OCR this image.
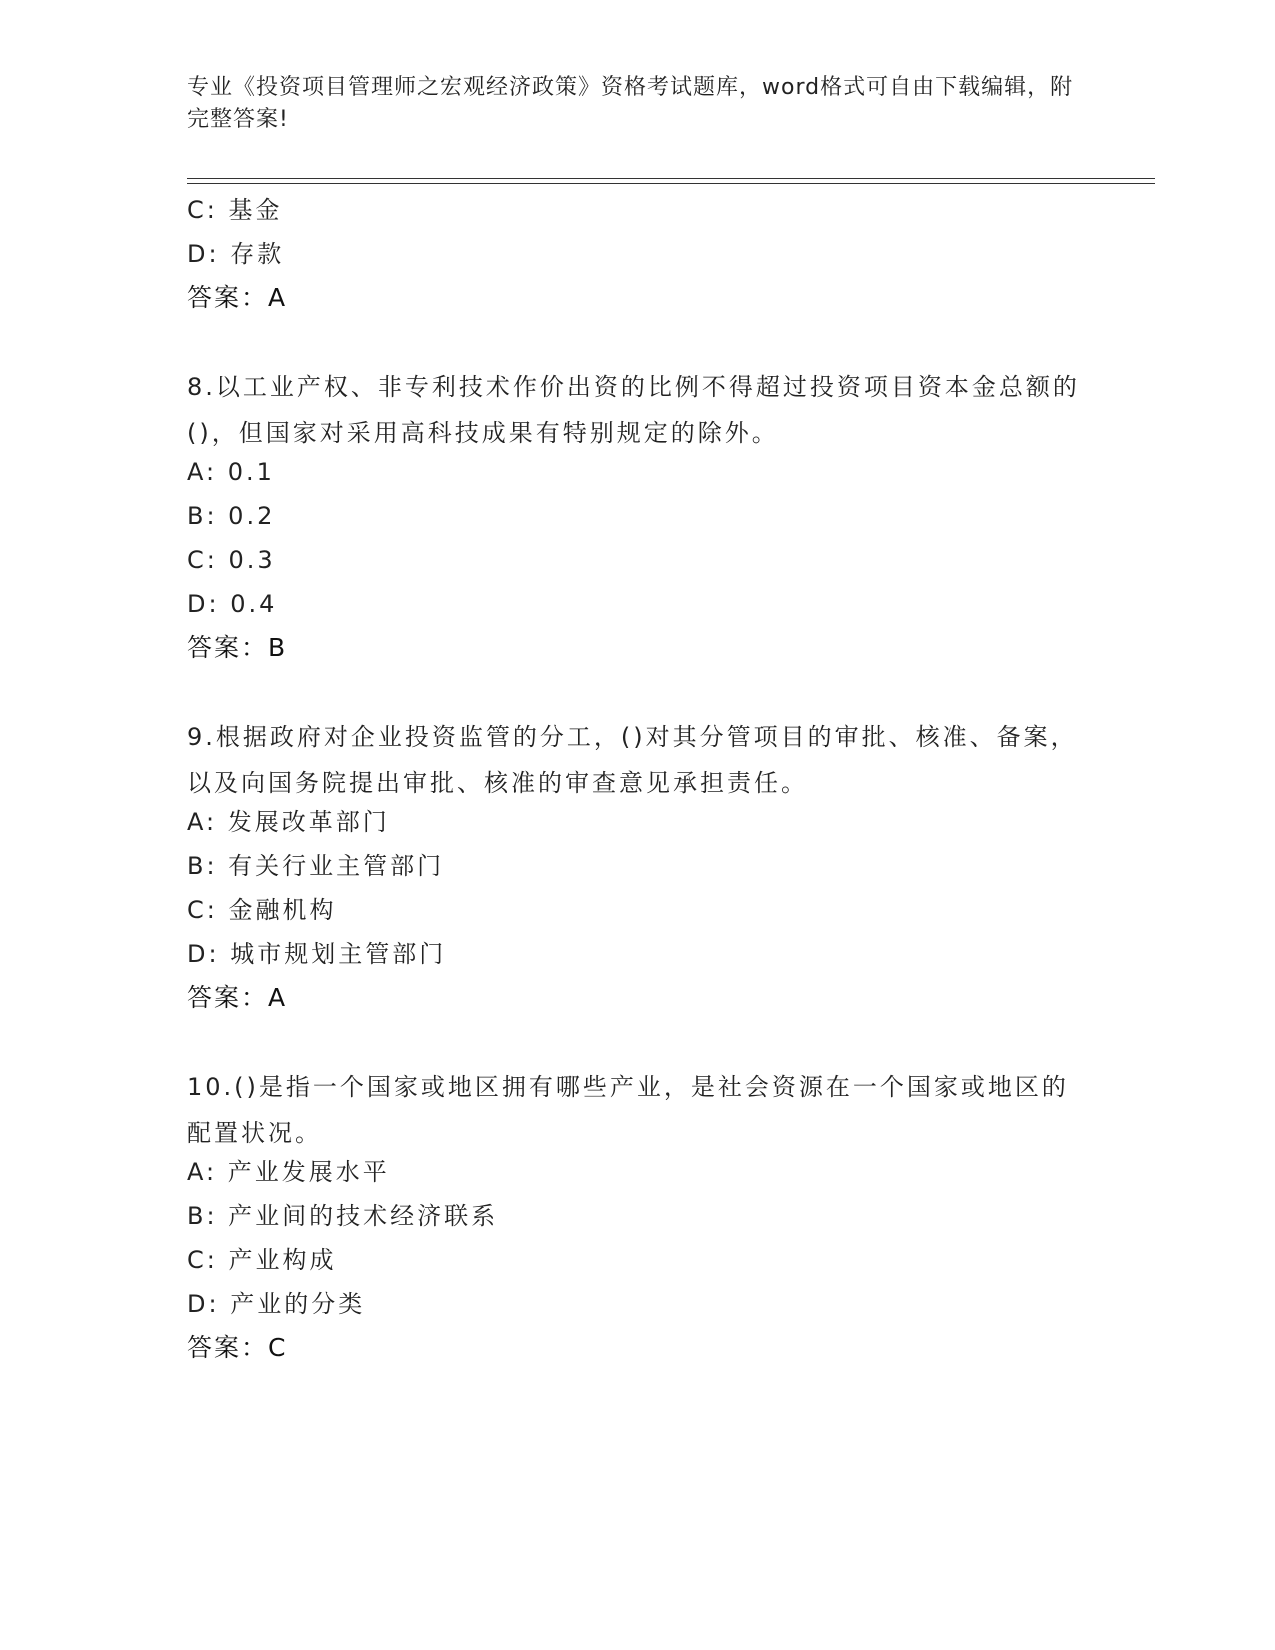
专业《投资项目管理师之宏观经济政策》资格考试题库，word格式可自由下载编辑，附完整答案!
C: 基金
D: 存款
答案：A
8.以工业产权、非专利技术作价出资的比例不得超过投资项目资本金总额的()，但国家对采用高科技成果有特别规定的除外。
A: 0.1
B: 0.2
C: 0.3
D: 0.4
答案：B
9.根据政府对企业投资监管的分工，()对其分管项目的审批、核准、备案，以及向国务院提出审批、核准的审查意见承担责任。
A: 发展改革部门
B: 有关行业主管部门
C: 金融机构
D: 城市规划主管部门
答案：A
10.()是指一个国家或地区拥有哪些产业，是社会资源在一个国家或地区的配置状况。
A: 产业发展水平
B: 产业间的技术经济联系
C: 产业构成
D: 产业的分类
答案：C
